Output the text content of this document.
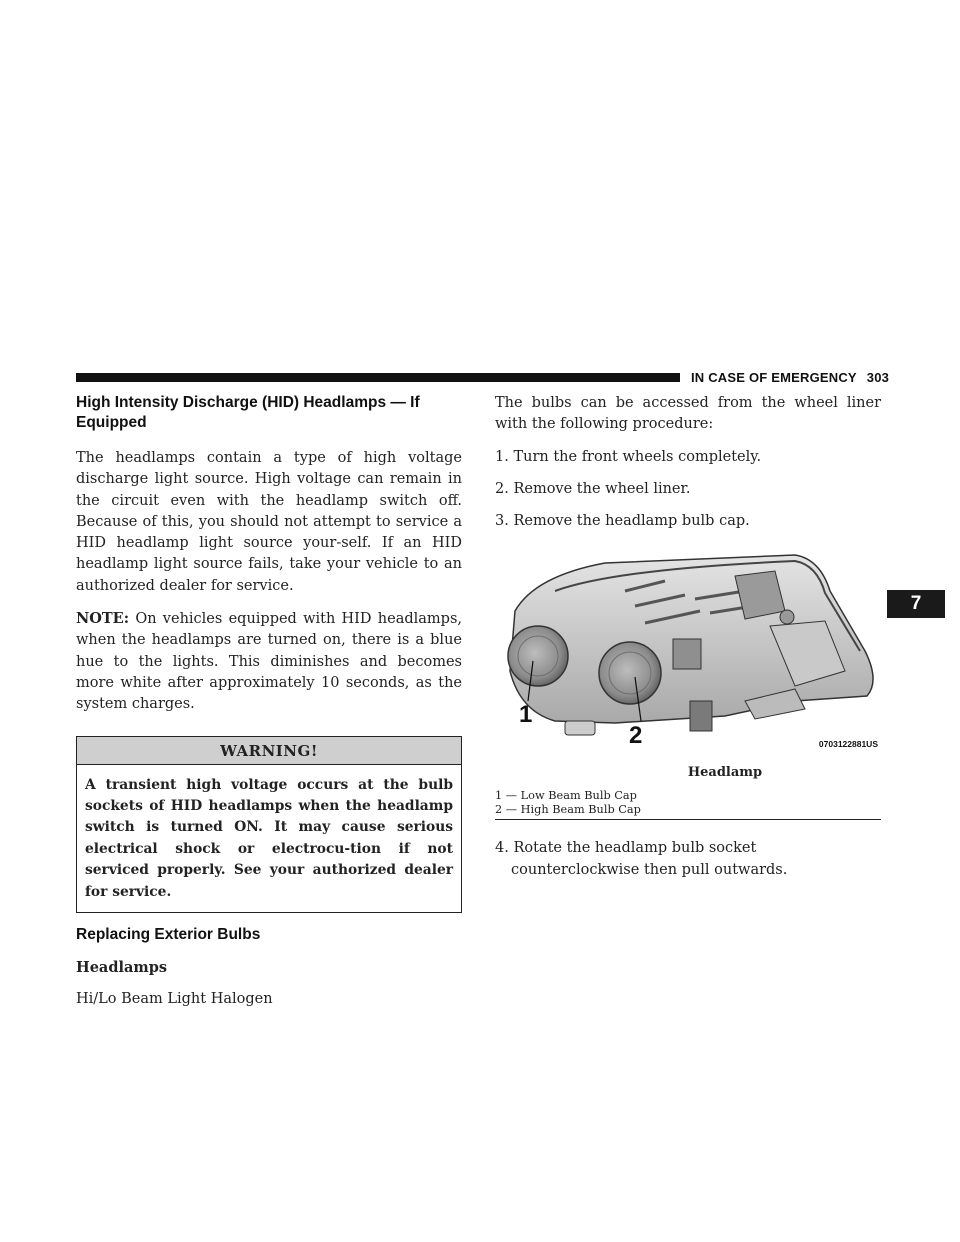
IN CASE OF EMERGENCY 303
7
High Intensity Discharge (HID) Headlamps — If Equipped

The headlamps contain a type of high voltage discharge light source. High voltage can remain in the circuit even with the headlamp switch off. Because of this, you should not attempt to service a HID headlamp light source your-self. If an HID headlamp light source fails, take your vehicle to an authorized dealer for service.

NOTE: On vehicles equipped with HID headlamps, when the headlamps are turned on, there is a blue hue to the lights. This diminishes and becomes more white after approximately 10 seconds, as the system charges.

WARNING!
A transient high voltage occurs at the bulb sockets of HID headlamps when the headlamp switch is turned ON. It may cause serious electrical shock or electrocu-tion if not serviced properly. See your authorized dealer for service.
Replacing Exterior Bulbs

Headlamps

Hi/Lo Beam Light Halogen

The bulbs can be accessed from the wheel liner with the following procedure:

1. Turn the front wheels completely.

2. Remove the wheel liner.

3. Remove the headlamp bulb cap.

1
2	0703122881US
Headlamp
1 — Low Beam Bulb Cap
2 — High Beam Bulb Cap

4. Rotate the headlamp bulb socket counterclockwise then pull outwards.
